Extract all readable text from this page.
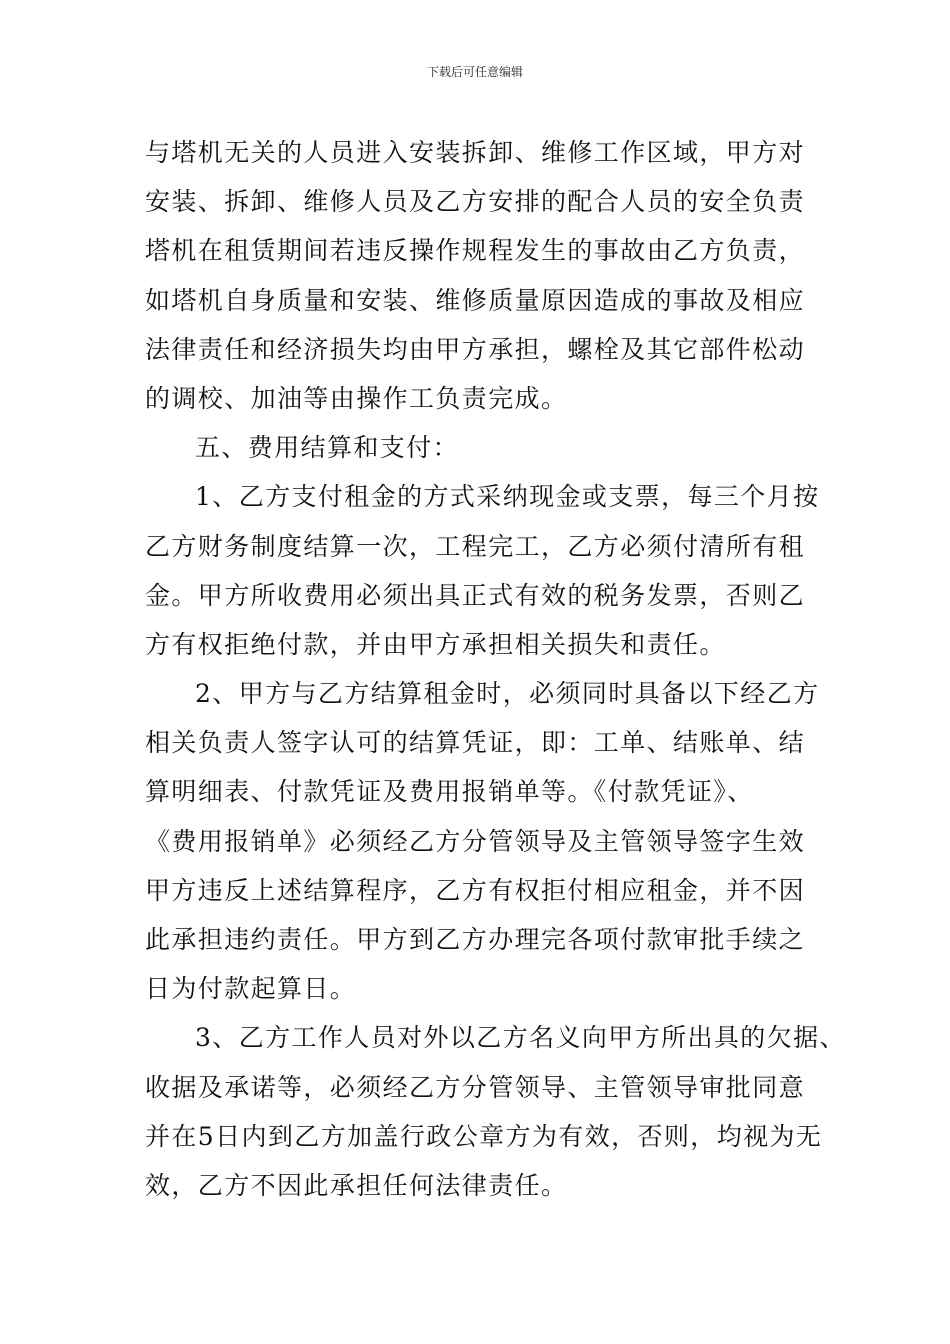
下载后可任意编辑
与塔机无关的人员进入安装拆卸、维修工作区域，甲方对
安装、拆卸、维修人员及乙方安排的配合人员的安全负责
塔机在租赁期间若违反操作规程发生的事故由乙方负责，
如塔机自身质量和安装、维修质量原因造成的事故及相应
法律责任和经济损失均由甲方承担，螺栓及其它部件松动
的调校、加油等由操作工负责完成。
五、费用结算和支付：
1、乙方支付租金的方式采纳现金或支票，每三个月按
乙方财务制度结算一次，工程完工，乙方必须付清所有租
金。甲方所收费用必须出具正式有效的税务发票，否则乙
方有权拒绝付款，并由甲方承担相关损失和责任。
2、甲方与乙方结算租金时，必须同时具备以下经乙方
相关负责人签字认可的结算凭证，即：工单、结账单、结
算明细表、付款凭证及费用报销单等。《付款凭证》、
《费用报销单》必须经乙方分管领导及主管领导签字生效
甲方违反上述结算程序，乙方有权拒付相应租金，并不因
此承担违约责任。甲方到乙方办理完各项付款审批手续之
日为付款起算日。
3、乙方工作人员对外以乙方名义向甲方所出具的欠据、
收据及承诺等，必须经乙方分管领导、主管领导审批同意
并在5日内到乙方加盖行政公章方为有效，否则，均视为无
效，乙方不因此承担任何法律责任。
